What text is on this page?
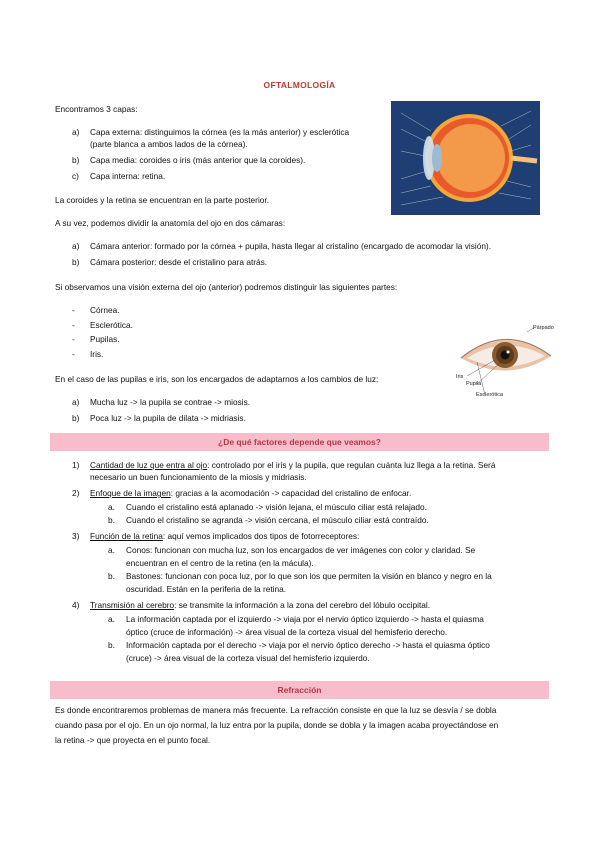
OFTALMOLOGÍA
Encontramos 3 capas:
a)	Capa externa: distinguimos la córnea (es la más anterior) y esclerótica
(parte blanca a ambos lados de la córnea).
b)	Capa media: coroides o iris (más anterior que la coroides).
c)	Capa interna: retina.
La coroides y la retina se encuentran en la parte posterior.
A su vez, podemos dividir la anatomía del ojo en dos cámaras:
a)	Cámara anterior: formado por la córnea + pupila, hasta llegar al cristalino (encargado de acomodar la visión).
b)	Cámara posterior: desde el cristalino para atrás.
Si observamos una visión externa del ojo (anterior) podremos distinguir las siguientes partes:
-	Córnea.
-	Esclerótica.
-	Pupilas.
-	Iris.
Párpado
Iris
Pupila
Esclerótica
En el caso de las pupilas e iris, son los encargados de adaptarnos a los cambios de luz:
a)	Mucha luz -> la pupila se contrae -> miosis.
b)	Poca luz -> la pupila de dilata -> midriasis.
¿De qué factores depende que veamos?
1)	Cantidad de luz que entra al ojo: controlado por el iris y la pupila, que regulan cuánta luz llega a la retina. Será
necesario un buen funcionamiento de la miosis y midriasis.
2)	Enfoque de la imagen: gracias a la acomodación -> capacidad del cristalino de enfocar.
a.	Cuando el cristalino está aplanado -> visión lejana, el músculo ciliar está relajado.
b.	Cuando el cristalino se agranda -> visión cercana, el músculo ciliar está contraído.
3)	Función de la retina: aquí vemos implicados dos tipos de fotorreceptores:
a.	Conos: funcionan con mucha luz, son los encargados de ver imágenes con color y claridad. Se
encuentran en el centro de la retina (en la mácula).
b.	Bastones: funcionan con poca luz, por lo que son los que permiten la visión en blanco y negro en la
oscuridad. Están en la periferia de la retina.
4)	Transmisión al cerebro: se transmite la información a la zona del cerebro del lóbulo occipital.
a.	La información captada por el izquierdo -> viaja por el nervio óptico izquierdo -> hasta el quiasma
óptico (cruce de información) -> área visual de la corteza visual del hemisferio derecho.
b.	Información captada por el derecho -> viaja por el nervio óptico derecho -> hasta el quiasma óptico
(cruce) -> área visual de la corteza visual del hemisferio izquierdo.
Refracción
Es donde encontraremos problemas de manera más frecuente. La refracción consiste en que la luz se desvía / se dobla
cuando pasa por el ojo. En un ojo normal, la luz entra por la pupila, donde se dobla y la imagen acaba proyectándose en
la retina -> que proyecta en el punto focal.
